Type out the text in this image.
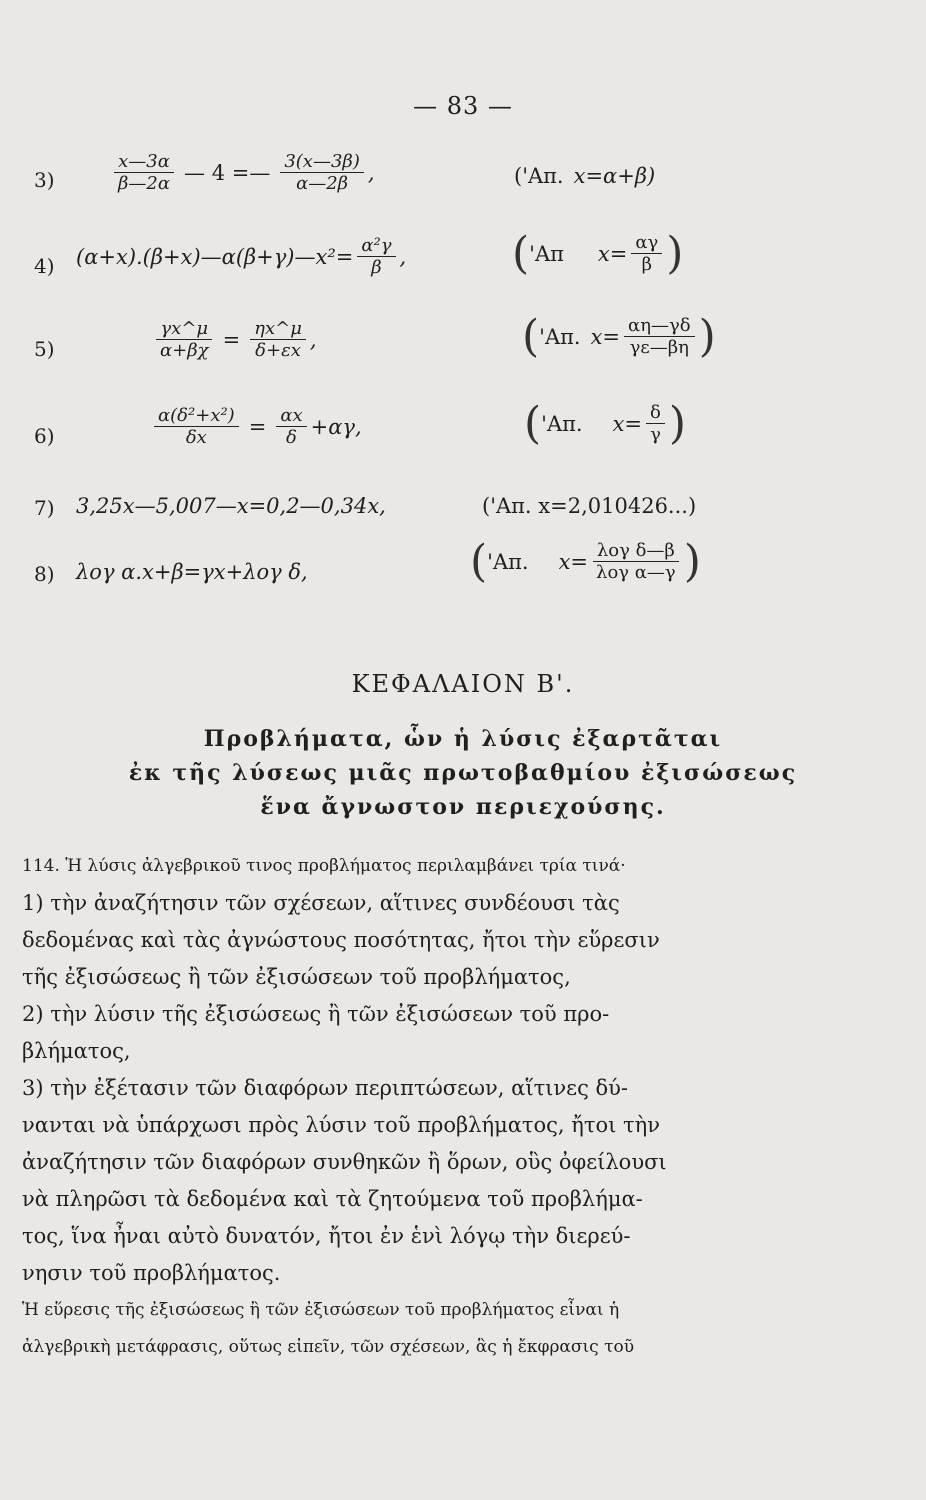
— 83 —
3)	$\frac{x—3\alpha}{\beta—2\alpha}$ — 4 =— $\frac{3(x—3\beta)}{\alpha—2\beta}$ ,	('Απ. x=α+β)
4) (α+x).(β+x)—α(β+γ)—x²= $\frac{\text{α²γ}}{\beta}$ , ( 'Απ $x= \frac{\alpha\gamma}{\beta}$ )
5)	$\frac{\gamma x\^{}\mu}{\alpha+\beta\chi} = \frac{\eta x\^{}\mu}{\delta+\varepsilon x}$ ,	( 'Απ. $x= \frac{\alpha\eta—\gamma\delta}{\gamma\varepsilon—\beta\eta}$ )
6)	$\frac{\text{α(δ²+x²)}}{\delta x} = \frac{\alpha x}{\delta} +\alpha\gamma$,	( 'Απ. $x= \frac{\delta}{\gamma}$ )
7) 3,25x—5,007—x=0,2—0,34x,	('Απ. x=2,010426...)
8) λογ α.x+β=γx+λογ δ,	( 'Απ. $x= \frac{\text{λογ δ—β}}{\text{λογ α—γ}}$ )
ΚΕΦΑΛΑΙΟΝ Β'.
Προβλήματα, ὧν ἡ λύσις ἐξαρτᾶται
ἐκ τῆς λύσεως μιᾶς πρωτοβαθμίου ἐξισώσεως
ἕνα ἄγνωστον περιεχούσης.
114. Ἡ λύσις ἀλγεβρικοῦ τινος προβλήματος περιλαμβάνει τρία τινά·
1) τὴν ἀναζήτησιν τῶν σχέσεων, αἵτινες συνδέουσι τὰς
δεδομένας καὶ τὰς ἀγνώστους ποσότητας, ἤτοι τὴν εὕρεσιν
τῆς ἐξισώσεως ἢ τῶν ἐξισώσεων τοῦ προβλήματος,
2) τὴν λύσιν τῆς ἐξισώσεως ἢ τῶν ἐξισώσεων τοῦ προ-
βλήματος,
3) τὴν ἐξέτασιν τῶν διαφόρων περιπτώσεων, αἵτινες δύ-
νανται νὰ ὑπάρχωσι πρὸς λύσιν τοῦ προβλήματος, ἤτοι τὴν
ἀναζήτησιν τῶν διαφόρων συνθηκῶν ἢ ὅρων, οὓς ὀφείλουσι
νὰ πληρῶσι τὰ δεδομένα καὶ τὰ ζητούμενα τοῦ προβλήμα-
τος, ἵνα ἦναι αὐτὸ δυνατόν, ἤτοι ἐν ἑνὶ λόγῳ τὴν διερεύ-
νησιν τοῦ προβλήματος.
Ἡ εὕρεσις τῆς ἐξισώσεως ἢ τῶν ἐξισώσεων τοῦ προβλήματος εἶναι ἡ
ἀλγεβρικὴ μετάφρασις, οὕτως εἰπεῖν, τῶν σχέσεων, ἃς ἡ ἔκφρασις τοῦ
